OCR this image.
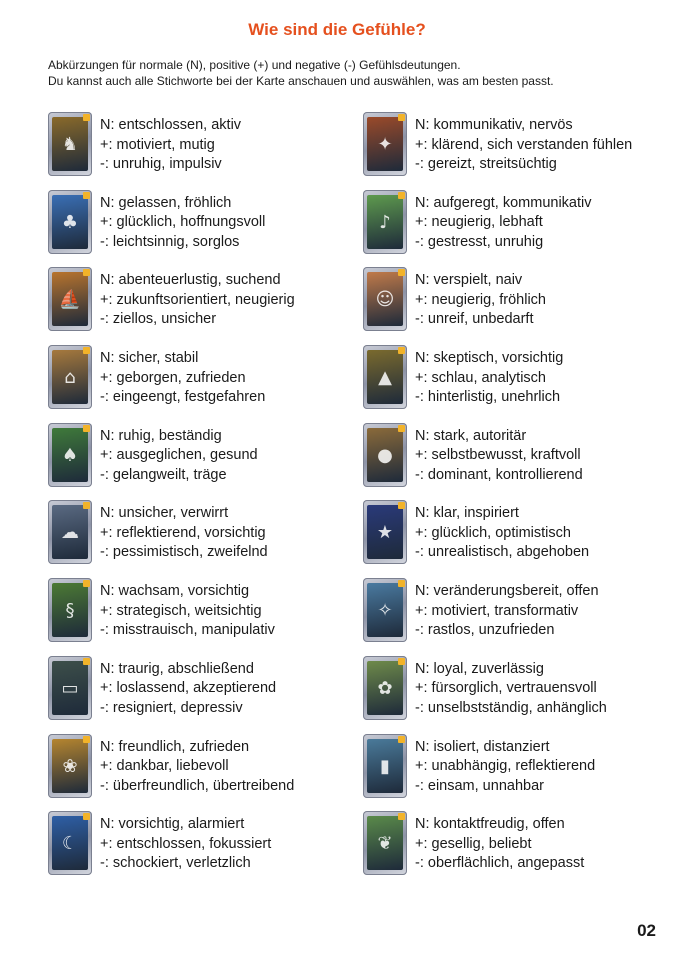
Wie sind die Gefühle?
Abkürzungen für normale (N), positive (+) und negative (-) Gefühlsdeutungen.
Du kannst auch alle Stichworte bei der Karte anschauen und auswählen, was am besten passt.
♞
N: entschlossen, aktiv
+: motiviert, mutig
-: unruhig, impulsiv
♣
N: gelassen, fröhlich
+: glücklich, hoffnungsvoll
-: leichtsinnig, sorglos
⛵
N: abenteuerlustig, suchend
+: zukunftsorientiert, neugierig
-: ziellos, unsicher
⌂
N: sicher, stabil
+: geborgen, zufrieden
-: eingeengt, festgefahren
♠
N: ruhig, beständig
+: ausgeglichen, gesund
-: gelangweilt, träge
☁
N: unsicher, verwirrt
+: reflektierend, vorsichtig
-: pessimistisch, zweifelnd
§
N: wachsam, vorsichtig
+: strategisch, weitsichtig
-: misstrauisch, manipulativ
▭
N: traurig, abschließend
+: loslassend, akzeptierend
-: resigniert, depressiv
❀
N: freundlich, zufrieden
+: dankbar, liebevoll
-: überfreundlich, übertreibend
☾
N: vorsichtig, alarmiert
+: entschlossen, fokussiert
-: schockiert, verletzlich
✦
N: kommunikativ, nervös
+: klärend, sich verstanden fühlen
-: gereizt, streitsüchtig
♪
N: aufgeregt, kommunikativ
+: neugierig, lebhaft
-: gestresst, unruhig
☺
N: verspielt, naiv
+: neugierig, fröhlich
-: unreif, unbedarft
▲
N: skeptisch, vorsichtig
+: schlau, analytisch
-: hinterlistig, unehrlich
●
N: stark, autoritär
+: selbstbewusst, kraftvoll
-: dominant, kontrollierend
★
N: klar, inspiriert
+: glücklich, optimistisch
-: unrealistisch, abgehoben
✧
N: veränderungsbereit, offen
+: motiviert, transformativ
-: rastlos, unzufrieden
✿
N: loyal, zuverlässig
+: fürsorglich, vertrauensvoll
-: unselbstständig, anhänglich
▮
N: isoliert, distanziert
+: unabhängig, reflektierend
-: einsam, unnahbar
❦
N: kontaktfreudig, offen
+: gesellig, beliebt
-: oberflächlich, angepasst
02
